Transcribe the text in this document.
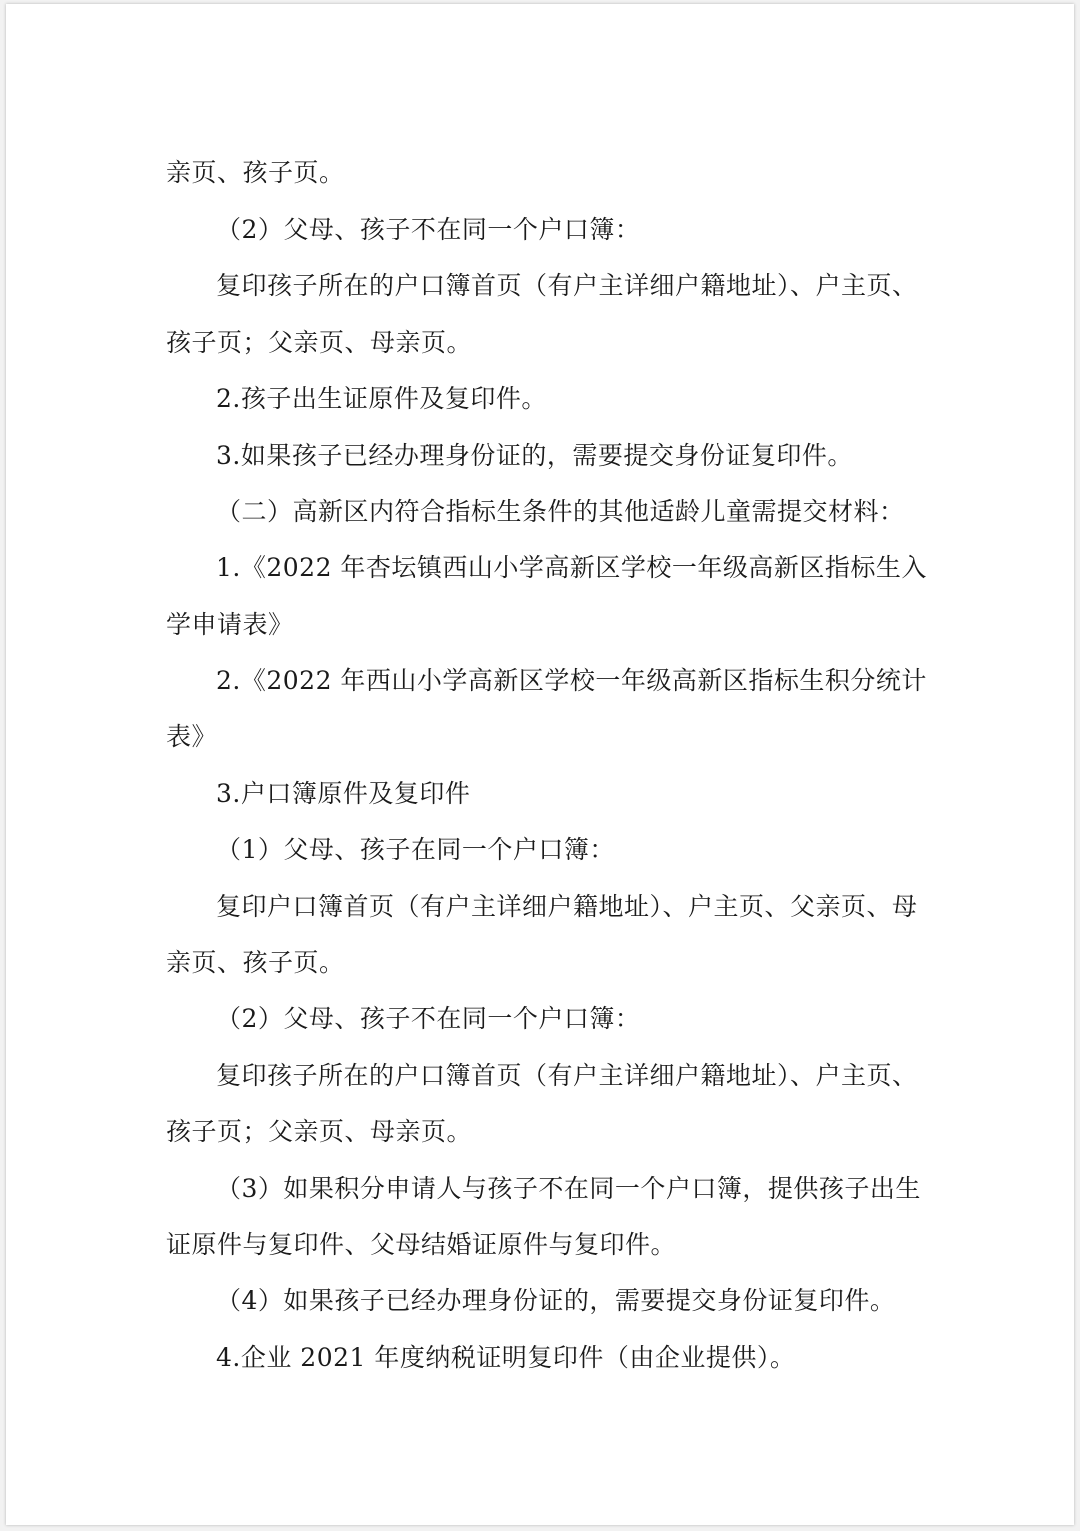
亲页、孩子页。
（2）父母、孩子不在同一个户口簿：
复印孩子所在的户口簿首页（有户主详细户籍地址）、户主页、
孩子页；父亲页、母亲页。
2.孩子出生证原件及复印件。
3.如果孩子已经办理身份证的，需要提交身份证复印件。
（二）高新区内符合指标生条件的其他适龄儿童需提交材料：
1.《2022 年杏坛镇西山小学高新区学校一年级高新区指标生入
学申请表》
2.《2022 年西山小学高新区学校一年级高新区指标生积分统计
表》
3.户口簿原件及复印件
（1）父母、孩子在同一个户口簿：
复印户口簿首页（有户主详细户籍地址）、户主页、父亲页、母
亲页、孩子页。
（2）父母、孩子不在同一个户口簿：
复印孩子所在的户口簿首页（有户主详细户籍地址）、户主页、
孩子页；父亲页、母亲页。
（3）如果积分申请人与孩子不在同一个户口簿，提供孩子出生
证原件与复印件、父母结婚证原件与复印件。
（4）如果孩子已经办理身份证的，需要提交身份证复印件。
4.企业 2021 年度纳税证明复印件（由企业提供）。
